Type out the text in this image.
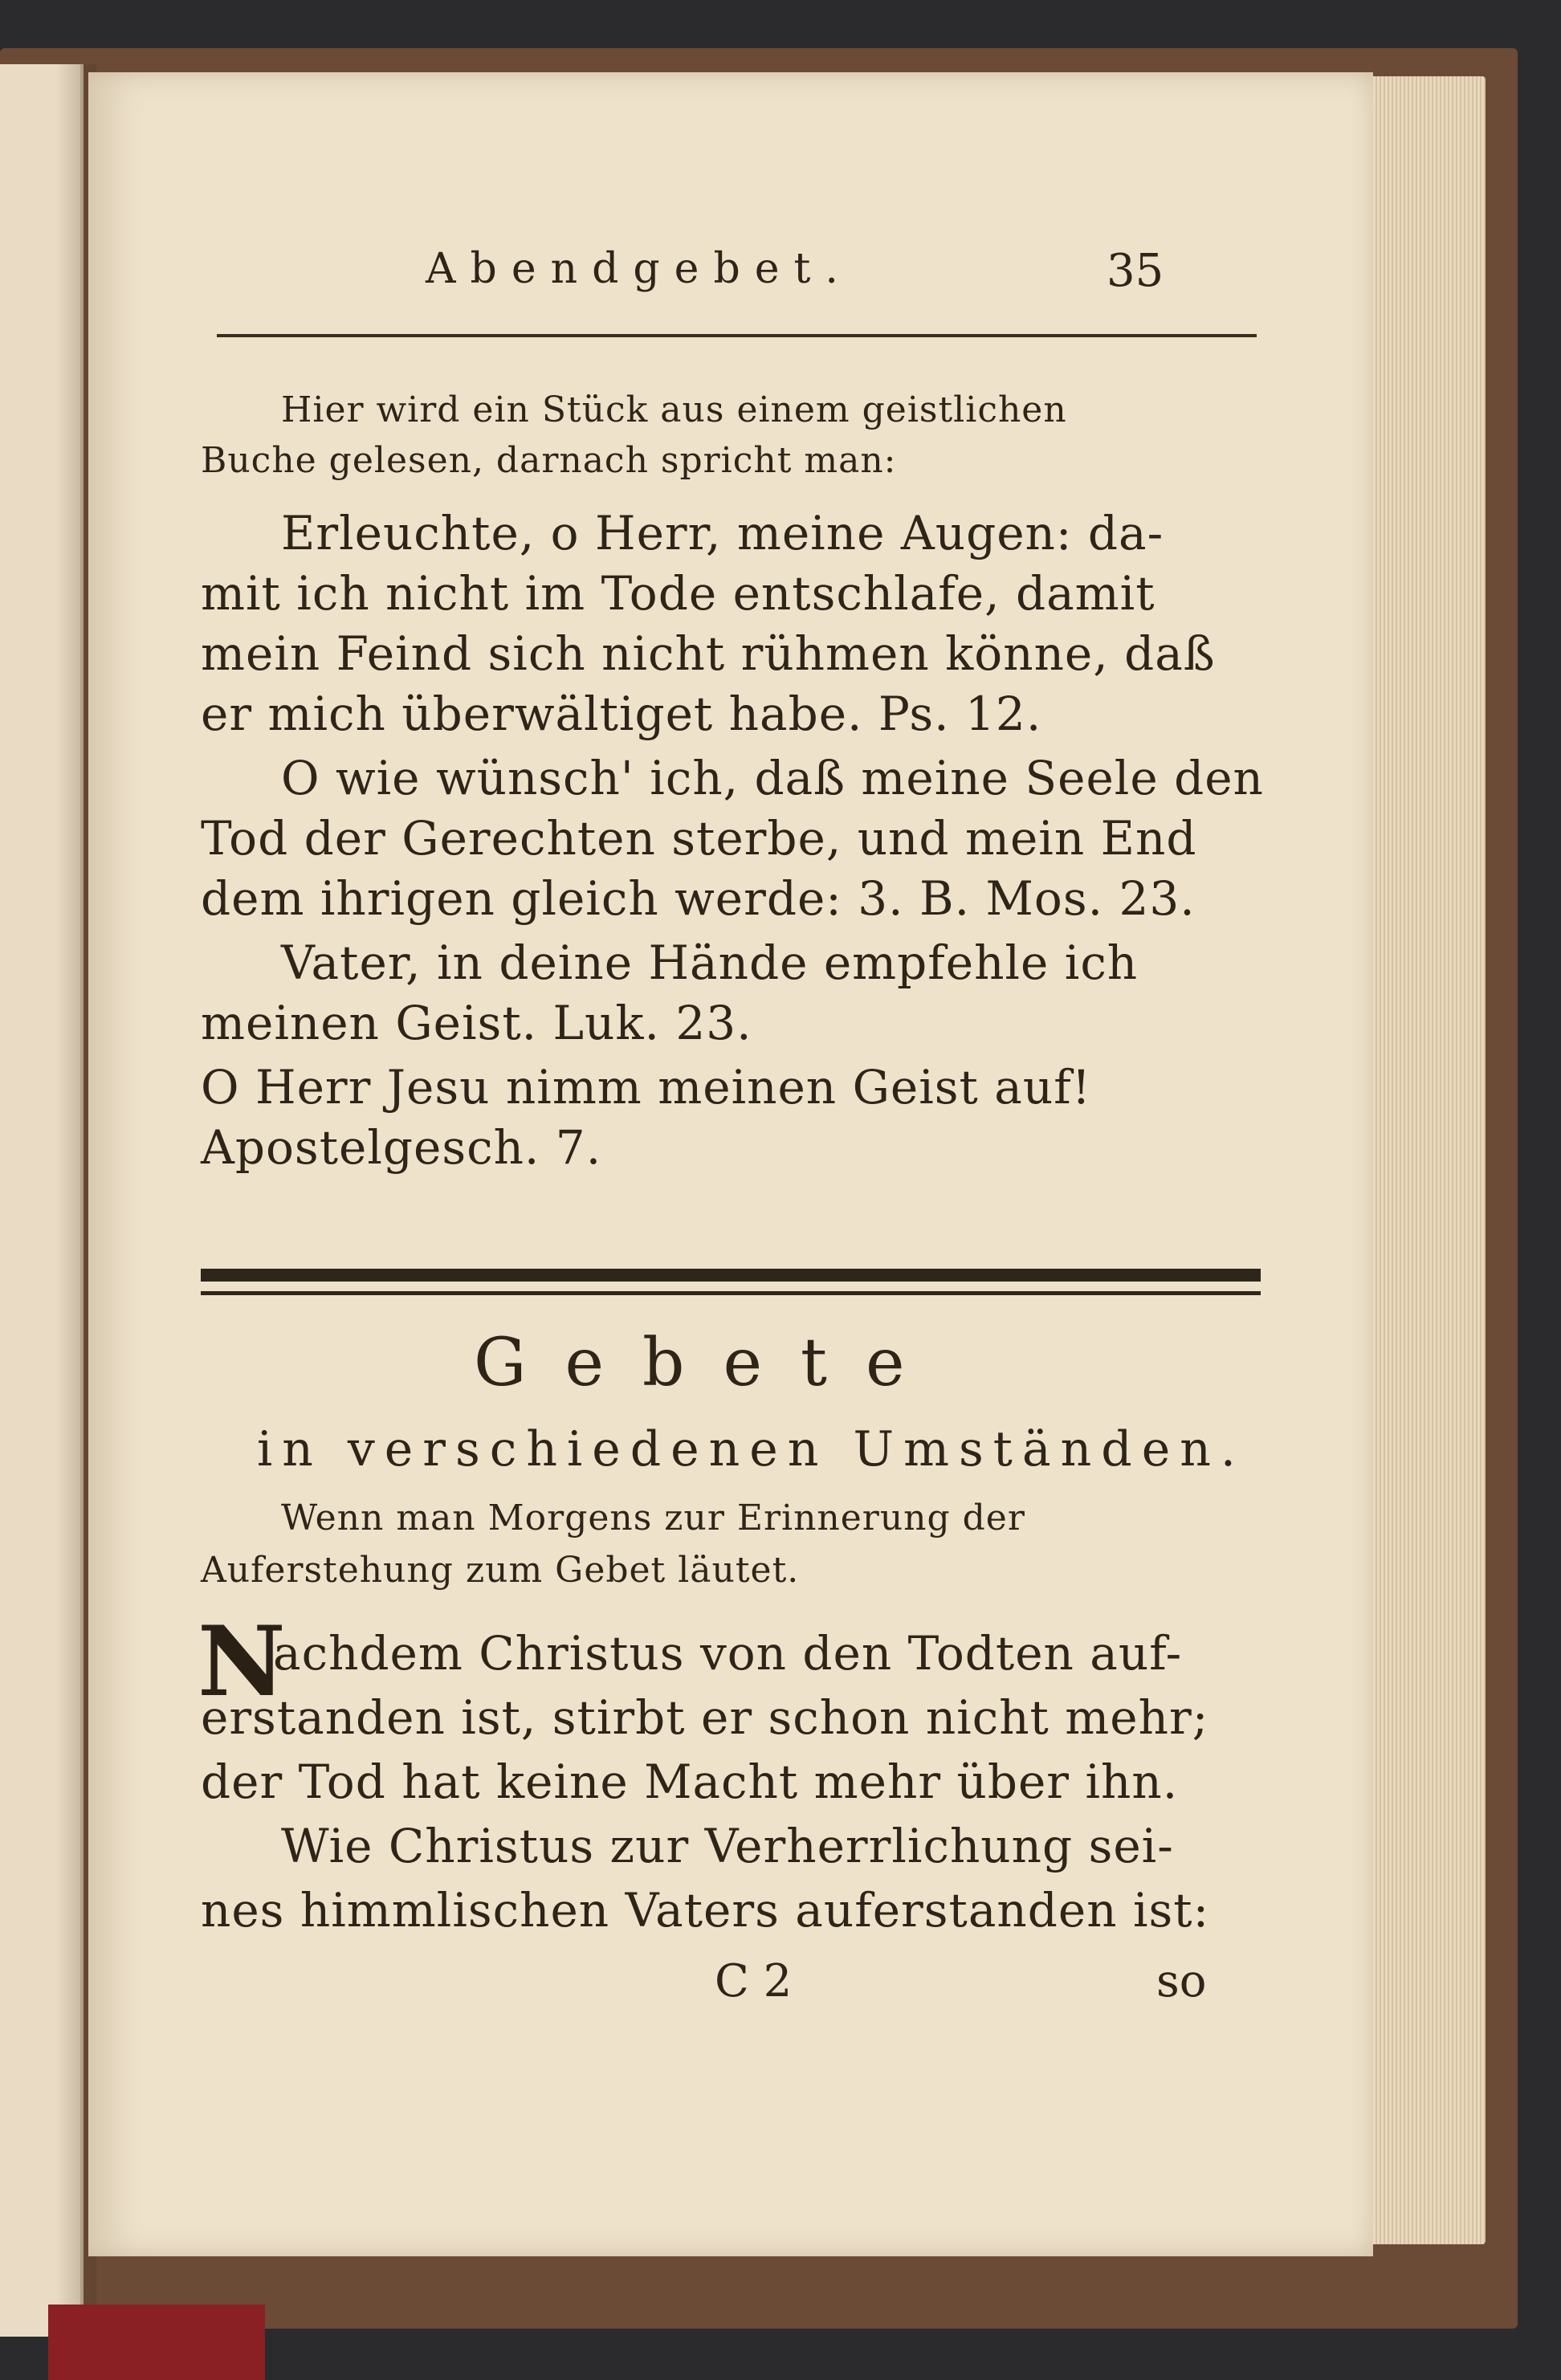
Abendgebet.	35
Hier wird ein Stück aus einem geistlichen
Buche gelesen, darnach spricht man:
Erleuchte, o Herr, meine Augen: da-
mit ich nicht im Tode entschlafe, damit
mein Feind sich nicht rühmen könne, daß
er mich überwältiget habe. Ps. 12.
O wie wünsch' ich, daß meine Seele den
Tod der Gerechten sterbe, und mein End
dem ihrigen gleich werde: 3. B. Mos. 23.
Vater, in deine Hände empfehle ich
meinen Geist. Luk. 23.
O Herr Jesu nimm meinen Geist auf!
Apostelgesch. 7.
Gebete
in verschiedenen Umständen.
Wenn man Morgens zur Erinnerung der
Auferstehung zum Gebet läutet.
N
achdem Christus von den Todten auf-
erstanden ist, stirbt er schon nicht mehr;
der Tod hat keine Macht mehr über ihn.
Wie Christus zur Verherrlichung sei-
nes himmlischen Vaters auferstanden ist:
C 2	so
